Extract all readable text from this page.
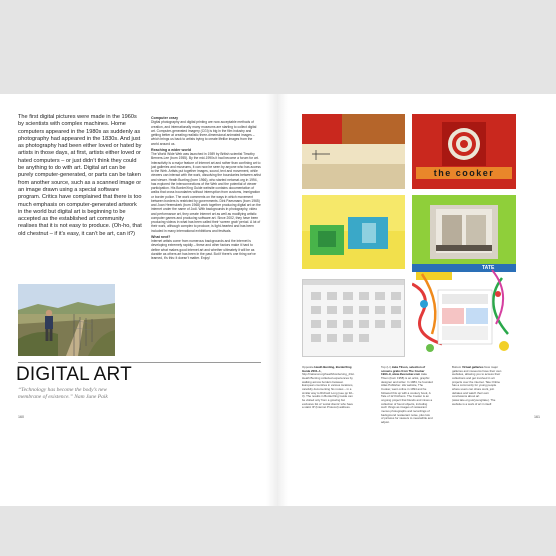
The first digital pictures were made in the 1960s by scientists with complex machines. Home computers appeared in the 1980s as suddenly as photography had appeared in the 1830s. And just as photography had been either loved or hated by artists in those days, at first, artists either loved or hated computers – or just didn’t think they could be anything to do with art. Digital art can be purely computer-generated, or parts can be taken from another source, such as a scanned image or an image drawn using a special software program. Critics have complained that there is too much emphasis on computer-generated artwork in the world but digital art is beginning to be accepted as the established art community realises that it is not easy to produce. (Oh-ho, that old chestnut – if it’s easy, it can’t be art, can it?)
Computer crazy

Digital photography and digital printing are now acceptable methods of creation, and internationally many museums are starting to collect digital art. Computer-generated imagery (CGI) is big in the film industry and getting better at creating realistic three-dimensional animated images – which brings us back to artists trying to create lifelike images from the world around us.

Reaching a wider world

The World Wide Web was launched in 1989 by British scientist Timothy Berners-Lee (born 1955). By the mid-1990s it had become a forum for art. Interactivity is a major feature of Internet art and rather than confining art to just galleries and museums, it can now be seen by anyone who has access to the Web. Artists put together images, sound, text and movement, while viewers can interact with the work, dissolving the boundaries between artist and viewer. Heath Bunting (born 1966), who started netomat.org in 1994, has explored the interconnections of the Web and the potential of viewer participation. His BorderXing Guide website contains documentation of walks that cross boundaries without interruption from customs, immigration or border police. The work comments on the ways in which movement between borders is restricted by governments. Dirk Paesmans (born 1965) and Joan Heemskerk (born 1968) work together producing digital art on the internet under the name of Jodi. With backgrounds in photography, video and performance art, they create Internet art as well as modifying artistic computer games and producing software art. Since 2002, they have been producing videos in what has been called their ‘screen grab’ period. A lot of their work, although complex to produce, is light-hearted and has been included in many international exhibitions and festivals.

What next?

Internet artists come from numerous backgrounds and the internet is developing extremely rapidly – these and other factors make it hard to define what makes good internet art and whether ultimately it will be as durable as others art has been in the past. But if there’s one thing we’ve learned, it’s this: it doesn’t matter. Enjoy!

DIGITAL ART
“Technology has become the body’s new membrane of existence.” Nam June Paik
160
the cooker
TATE
Opposite Heath Bunting, BorderXing Guide 2001–1, http://irational.org/heath/borderxing_2/ist. Heath Bunting collected experiences by walking across borders between European countries in various locations, carefully documenting his routes – in a similar way to Richard Long (see pp 92–3). The results in BorderXing Guide can be visited only from a growing but exclusive list of ‘social clients’ who have a static IP (Internet Protocol) address.
Top (l-r) Jake Tilson, selection of screens grabs from The Cooker 1994–9, www.thecooker.com Jake Tilson (born 1958) is an artist, graphic designer and writer. In 1984, he founded Atlas Publisher. His website, The Cooker, went online in 1994 and he followed this up with a cookery book, A Tale of 12 Kitchens. The Cooker is an ongoing project that blends and mixes a collection of found objects, including such things as images of restaurant menus photographs and recordings of background restaurant noise, plus lots of pictures for viewers to meanwhile and adjust.
Bottom Virtual galleries Now major galleries and museums have their own websites, allowing you to access their collections and get involved in art projects over the internet. Tate Online has a community for young people where users can share work, join debates and watch their own conclusions about art (www.tate.org.uk/young/tate). The website is a work of art in itself.
161
